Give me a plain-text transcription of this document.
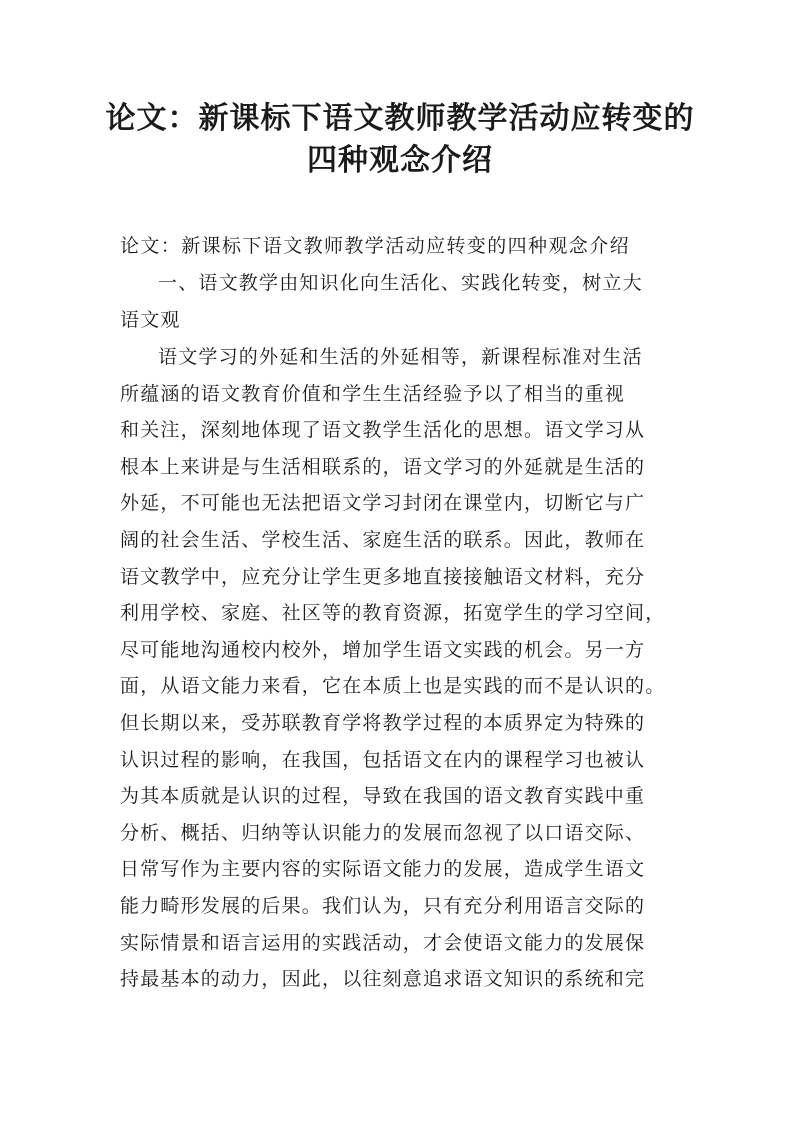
论文：新课标下语文教师教学活动应转变的
四种观念介绍

论文：新课标下语文教师教学活动应转变的四种观念介绍

一、语文教学由知识化向生活化、实践化转变，树立大

语文观

语文学习的外延和生活的外延相等，新课程标准对生活
所蕴涵的语文教育价值和学生生活经验予以了相当的重视
和关注，深刻地体现了语文教学生活化的思想。语文学习从
根本上来讲是与生活相联系的，语文学习的外延就是生活的
外延，不可能也无法把语文学习封闭在课堂内，切断它与广
阔的社会生活、学校生活、家庭生活的联系。因此，教师在
语文教学中，应充分让学生更多地直接接触语文材料，充分
利用学校、家庭、社区等的教育资源，拓宽学生的学习空间，
尽可能地沟通校内校外，增加学生语文实践的机会。另一方
面，从语文能力来看，它在本质上也是实践的而不是认识的。
但长期以来，受苏联教育学将教学过程的本质界定为特殊的
认识过程的影响，在我国，包括语文在内的课程学习也被认
为其本质就是认识的过程，导致在我国的语文教育实践中重
分析、概括、归纳等认识能力的发展而忽视了以口语交际、
日常写作为主要内容的实际语文能力的发展，造成学生语文
能力畸形发展的后果。我们认为，只有充分利用语言交际的
实际情景和语言运用的实践活动，才会使语文能力的发展保
持最基本的动力，因此，以往刻意追求语文知识的系统和完
